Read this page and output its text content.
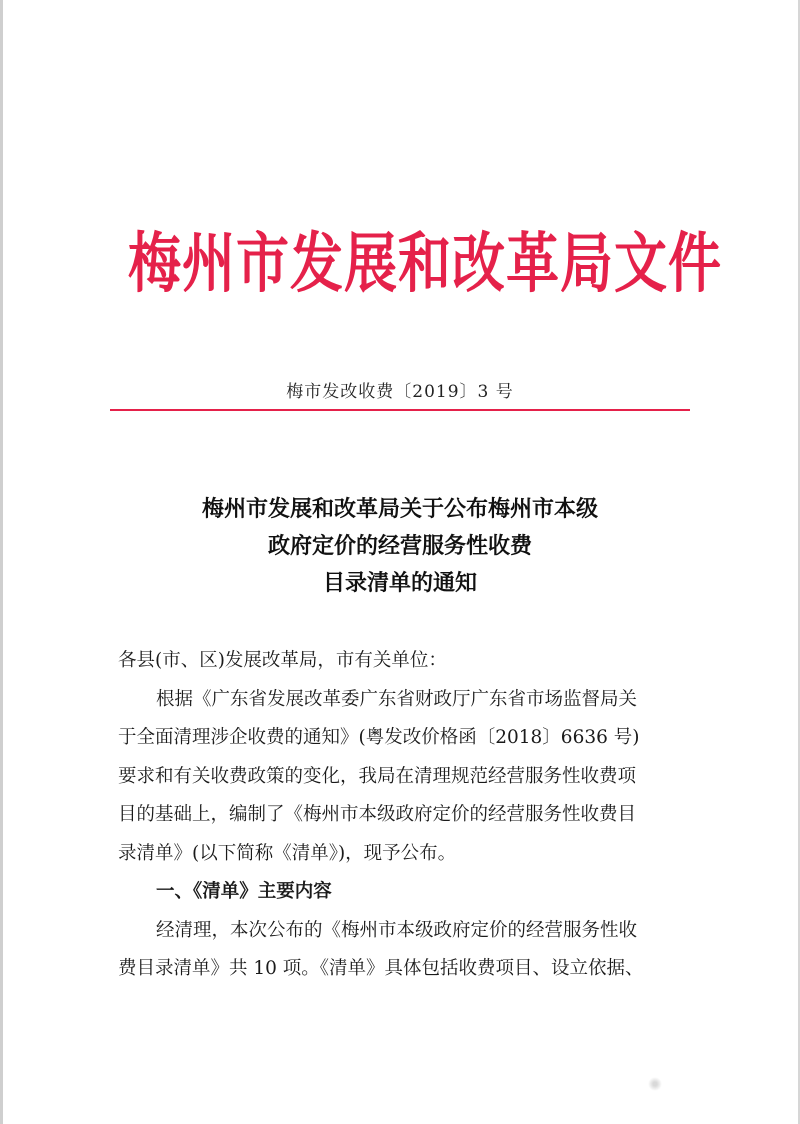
梅州市发展和改革局文件
梅市发改收费〔2019〕3 号
梅州市发展和改革局关于公布梅州市本级
政府定价的经营服务性收费
目录清单的通知

各县(市、区)发展改革局，市有关单位：

根据《广东省发展改革委广东省财政厅广东省市场监督局关

于全面清理涉企收费的通知》(粤发改价格函〔2018〕6636 号)

要求和有关收费政策的变化，我局在清理规范经营服务性收费项

目的基础上，编制了《梅州市本级政府定价的经营服务性收费目

录清单》(以下简称《清单》)，现予公布。

一、《清单》主要内容

经清理，本次公布的《梅州市本级政府定价的经营服务性收

费目录清单》共 10 项。《清单》具体包括收费项目、设立依据、
